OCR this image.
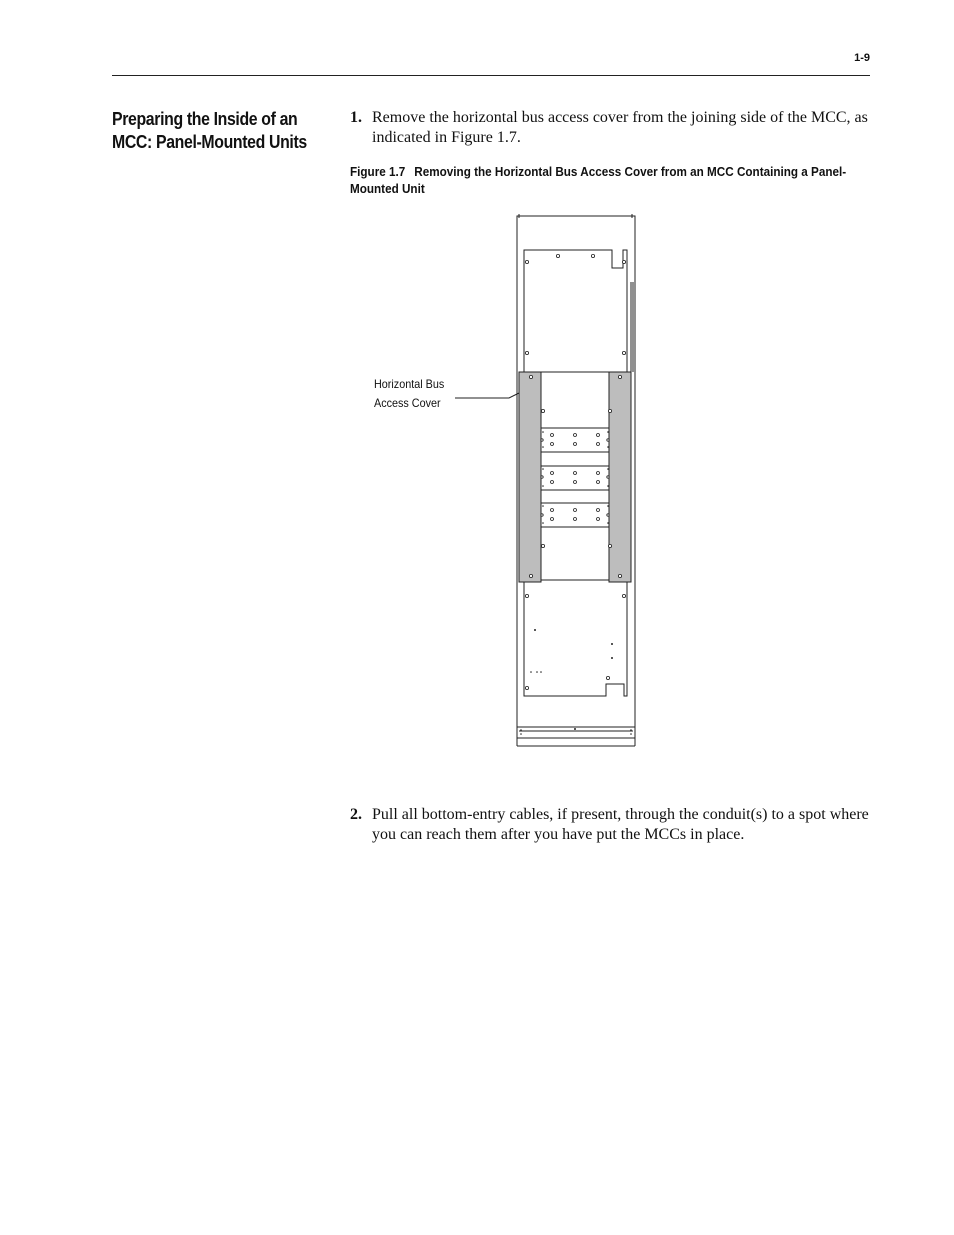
1-9
Preparing the Inside of an MCC: Panel-Mounted Units
1. Remove the horizontal bus access cover from the joining side of the MCC, as indicated in Figure 1.7.
Figure 1.7 Removing the Horizontal Bus Access Cover from an MCC Containing a Panel-Mounted Unit
Horizontal Bus
Access Cover
2. Pull all bottom-entry cables, if present, through the conduit(s) to a spot where you can reach them after you have put the MCCs in place.
